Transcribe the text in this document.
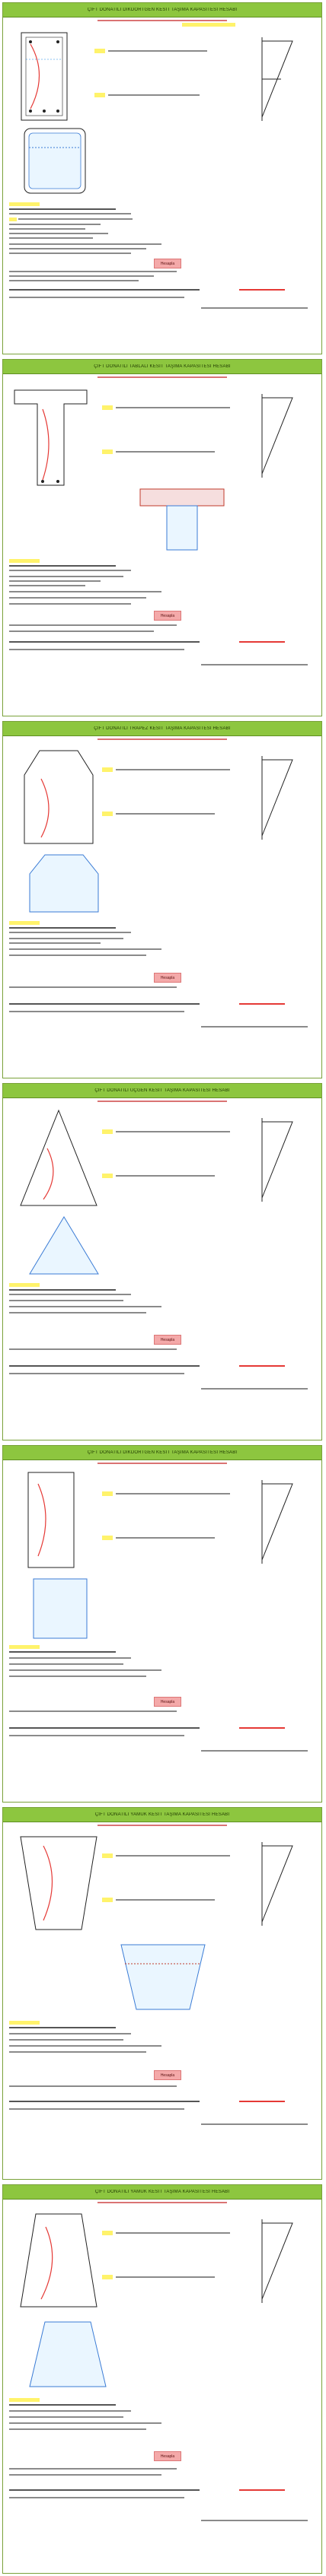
ÇİFT DONATILI DİKDÖRTGEN KESİT TAŞIMA KAPASİTESİ HESABI
Hesapla
ÇİFT DONATILI TABLALI KESİT TAŞIMA KAPASİTESİ HESABI
Hesapla
ÇİFT DONATILI TRAPEZ KESİT TAŞIMA KAPASİTESİ HESABI
Hesapla
ÇİFT DONATILI ÜÇGEN KESİT TAŞIMA KAPASİTESİ HESABI
Hesapla
ÇİFT DONATILI DİKDÖRTGEN KESİT TAŞIMA KAPASİTESİ HESABI
Hesapla
ÇİFT DONATILI YAMUK KESİT TAŞIMA KAPASİTESİ HESABI
Hesapla
ÇİFT DONATILI YAMUK KESİT TAŞIMA KAPASİTESİ HESABI
Hesapla
